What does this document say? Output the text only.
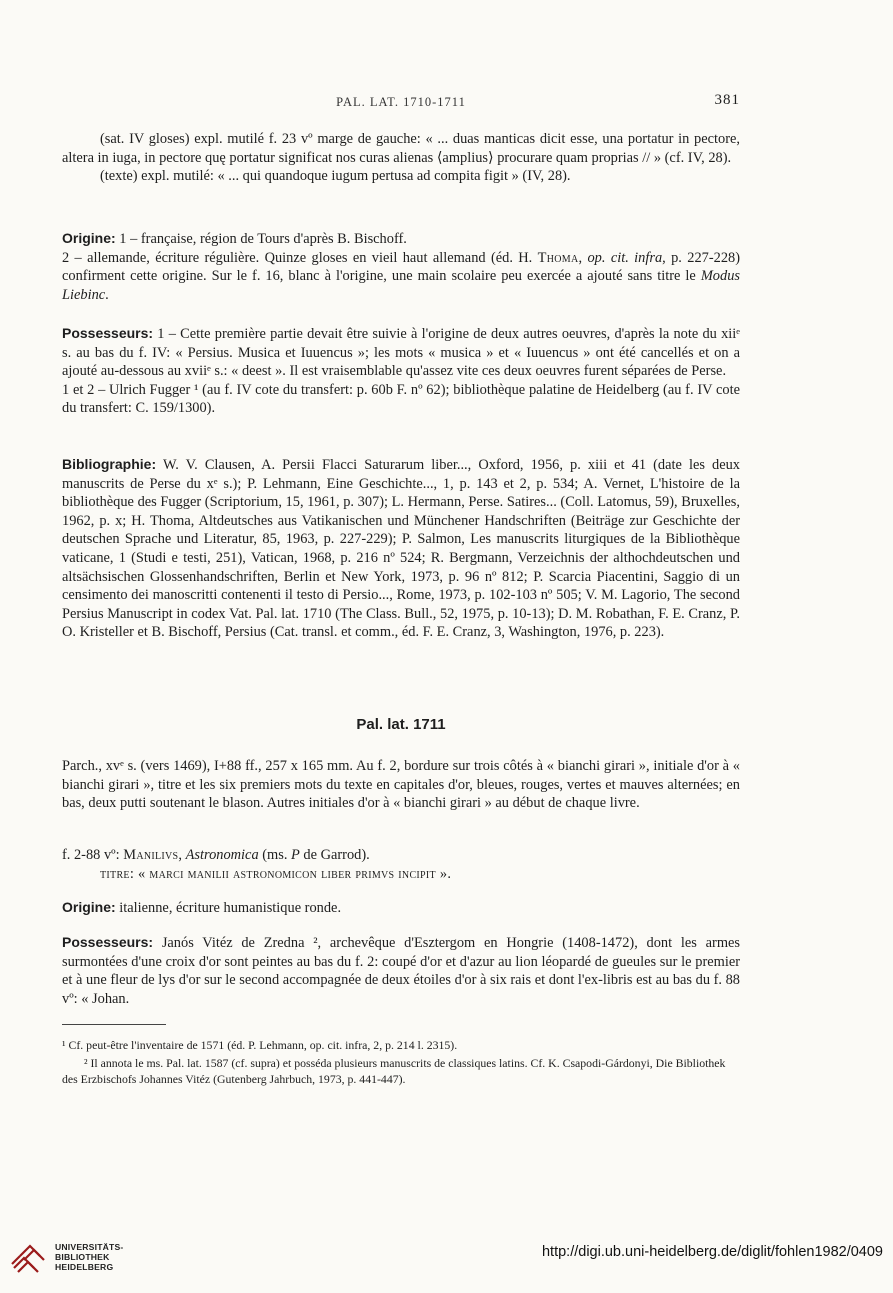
PAL. LAT. 1710-1711	381

(sat. IV gloses) expl. mutilé f. 23 vº marge de gauche: « ... duas manticas dicit esse, una portatur in pectore, altera in iuga, in pectore quę portatur significat nos curas alienas ⟨amplius⟩ procurare quam proprias // » (cf. IV, 28).

(texte) expl. mutilé: « ... qui quandoque iugum pertusa ad compita figit » (IV, 28).

Origine: 1 – française, région de Tours d'après B. Bischoff.

2 – allemande, écriture régulière. Quinze gloses en vieil haut allemand (éd. H. Thoma, op. cit. infra, p. 227-228) confirment cette origine. Sur le f. 16, blanc à l'origine, une main scolaire peu exercée a ajouté sans titre le Modus Liebinc.

Possesseurs: 1 – Cette première partie devait être suivie à l'origine de deux autres oeuvres, d'après la note du xiiᵉ s. au bas du f. IV: « Persius. Musica et Iuuencus »; les mots « musica » et « Iuuencus » ont été cancellés et on a ajouté au-dessous au xviiᵉ s.: « deest ». Il est vraisemblable qu'assez vite ces deux oeuvres furent séparées de Perse.

1 et 2 – Ulrich Fugger ¹ (au f. IV cote du transfert: p. 60b F. nº 62); bibliothèque palatine de Heidelberg (au f. IV cote du transfert: C. 159/1300).

Bibliographie: W. V. Clausen, A. Persii Flacci Saturarum liber..., Oxford, 1956, p. xiii et 41 (date les deux manuscrits de Perse du xᵉ s.); P. Lehmann, Eine Geschichte..., 1, p. 143 et 2, p. 534; A. Vernet, L'histoire de la bibliothèque des Fugger (Scriptorium, 15, 1961, p. 307); L. Hermann, Perse. Satires... (Coll. Latomus, 59), Bruxelles, 1962, p. x; H. Thoma, Altdeutsches aus Vatikanischen und Münchener Handschriften (Beiträge zur Geschichte der deutschen Sprache und Literatur, 85, 1963, p. 227-229); P. Salmon, Les manuscrits liturgiques de la Bibliothèque vaticane, 1 (Studi e testi, 251), Vatican, 1968, p. 216 nº 524; R. Bergmann, Verzeichnis der althochdeutschen und altsächsischen Glossenhandschriften, Berlin et New York, 1973, p. 96 nº 812; P. Scarcia Piacentini, Saggio di un censimento dei manoscritti contenenti il testo di Persio..., Rome, 1973, p. 102-103 nº 505; V. M. Lagorio, The second Persius Manuscript in codex Vat. Pal. lat. 1710 (The Class. Bull., 52, 1975, p. 10-13); D. M. Robathan, F. E. Cranz, P. O. Kristeller et B. Bischoff, Persius (Cat. transl. et comm., éd. F. E. Cranz, 3, Washington, 1976, p. 223).

Pal. lat. 1711

Parch., xvᵉ s. (vers 1469), I+88 ff., 257 x 165 mm. Au f. 2, bordure sur trois côtés à « bianchi girari », initiale d'or à « bianchi girari », titre et les six premiers mots du texte en capitales d'or, bleues, rouges, vertes et mauves alternées; en bas, deux putti soutenant le blason. Autres initiales d'or à « bianchi girari » au début de chaque livre.

f. 2-88 vº: Manilivs, Astronomica (ms. P de Garrod).

titre: « marci manilii astronomicon liber primvs incipit ».

Origine: italienne, écriture humanistique ronde.

Possesseurs: Janós Vitéz de Zredna ², archevêque d'Esztergom en Hongrie (1408-1472), dont les armes surmontées d'une croix d'or sont peintes au bas du f. 2: coupé d'or et d'azur au lion léopardé de gueules sur le premier et à une fleur de lys d'or sur le second accompagnée de deux étoiles d'or à six rais et dont l'ex-libris est au bas du f. 88 vº: « Johan.

¹ Cf. peut-être l'inventaire de 1571 (éd. P. Lehmann, op. cit. infra, 2, p. 214 l. 2315).
² Il annota le ms. Pal. lat. 1587 (cf. supra) et posséda plusieurs manuscrits de classiques latins. Cf. K. Csapodi-Gárdonyi, Die Bibliothek des Erzbischofs Johannes Vitéz (Gutenberg Jahrbuch, 1973, p. 441-447).
UNIVERSITÄTS-
BIBLIOTHEK
HEIDELBERG
http://digi.ub.uni-heidelberg.de/diglit/fohlen1982/0409
